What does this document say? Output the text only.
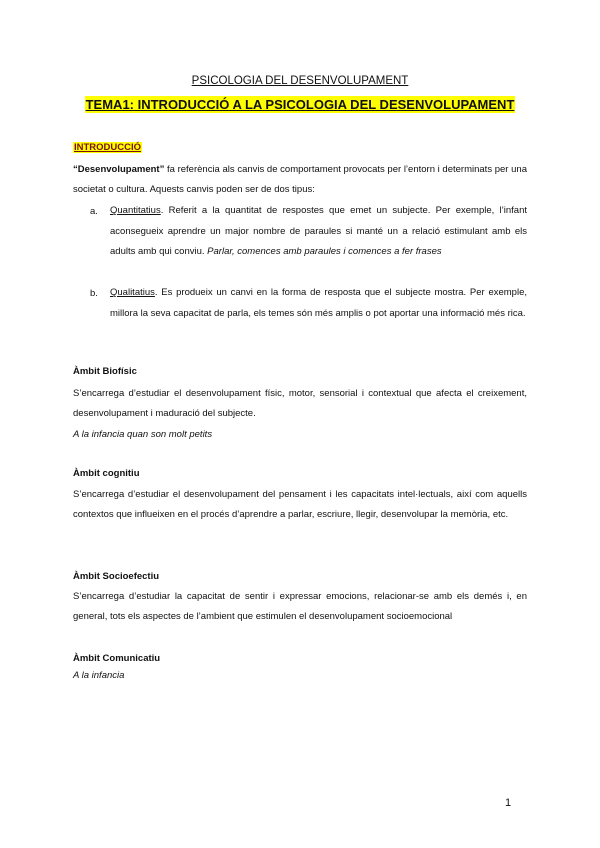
PSICOLOGIA DEL DESENVOLUPAMENT
TEMA1: INTRODUCCIÓ A LA PSICOLOGIA DEL DESENVOLUPAMENT
INTRODUCCIÓ

“Desenvolupament” fa referència als canvis de comportament provocats per l’entorn i determinats per una societat o cultura. Aquests canvis poden ser de dos tipus:

a. Quantitatius. Referit a la quantitat de respostes que emet un subjecte. Per exemple, l’infant aconsegueix aprendre un major nombre de paraules si manté un a relació estimulant amb els adults amb qui conviu. Parlar, comences amb paraules i comences a fer frases

b. Qualitatius. Es produeix un canvi en la forma de resposta que el subjecte mostra. Per exemple, millora la seva capacitat de parla, els temes són més amplis o pot aportar una informació més rica.

Àmbit Biofísic

S’encarrega d’estudiar el desenvolupament físic, motor, sensorial i contextual que afecta el creixement, desenvolupament i maduració del subjecte.

A la infancia quan son molt petits
Àmbit cognitiu

S’encarrega d’estudiar el desenvolupament del pensament i les capacitats intel·lectuals, així com aquells contextos que influeixen en el procés d’aprendre a parlar, escriure, llegir, desenvolupar la memòria, etc.

Àmbit Socioefectiu

S’encarrega d’estudiar la capacitat de sentir i expressar emocions, relacionar-se amb els demés i, en general, tots els aspectes de l’ambient que estimulen el desenvolupament socioemocional

Àmbit Comunicatiu
A la infancia
1
